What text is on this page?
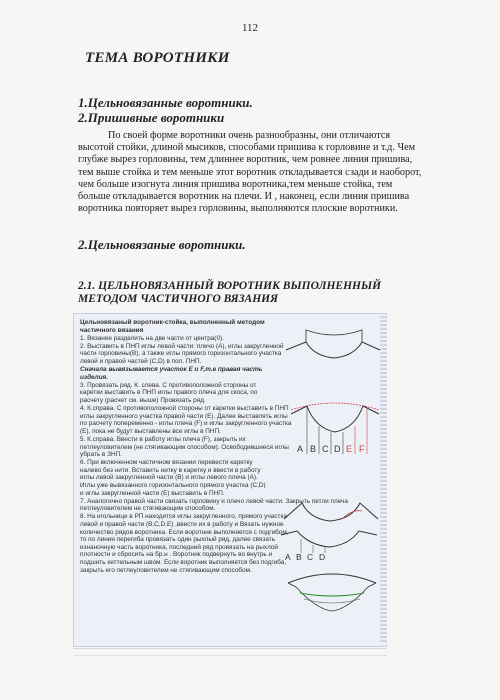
112
ТЕМА ВОРОТНИКИ
1.Цельновязанные воротники.
2.Пришивные воротники

По своей форме воротники очень разнообразны, они отличаются высотой стойки, длиной мысиков, способами пришива к горловине и т.д. Чем глубже вырез горловины, тем длиннее воротник, чем ровнее линия пришива, тем выше стойка и тем меньше этот воротник откладывается сзади и наоборот, чем больше изогнута линия пришива воротника,тем меньше стойка, тем больше откладывается воротник на плечи. И , наконец, если линия пришива воротника повторяет вырез горловины, выполняются плоские воротники.

2.Цельновязаные воротники.
2.1. ЦЕЛЬНОВЯЗАННЫЙ ВОРОТНИК ВЫПОЛНЕННЫЙ МЕТОДОМ ЧАСТИЧНОГО ВЯЗАНИЯ

Цельновязаный воротник-стойка, выполненный методом частичного вязания

1. Вязание разделить на две части от центра(0).

2. Выставить в ПНП иглы левой части: плечо (А), иглы закругленной части горловины(В), а также иглы прямого горизонтального участка левой и правой частей (С,D) в пол. ПНП.

Сначала вывязывается участок Е и F,т.е правая часть изделия.

3. Провязать ряд. К. слева. С противоположной стороны от каретки выставить в ПНП иглы правого плеча для скоса, по расчету (расчет см. выше) Провязать ряд.

4. К.справа. С противоположной стороны от каретки выставить в ПНП иглы закругленного участка правой части (Е). Далее выставлять иглы по расчету попеременно - иглы плеча (F) и иглы закругленного участка (Е), пока не будут выставлены все иглы в ПНП.

5. К.справа. Ввести в работу иглы плеча (F), закрыть их петлеуловителем (не стягивающим способом). Освободившиеся иглы убрать в ЗНП.

6. При включенном частичном вязании перевести каретку налево без нити. Вставить нитку в каретку и ввести в работу иглы левой закругленной части (В) и иглы левого плеча (А). Иглы уже вывязанного горизонтального прямого участка (С,D) и иглы закругленной части (Е) выставить в ПНП.

7. Аналогично правой части связать горловину и плечо левой части. Закрыть петли плеча петлеуловителем не стягивающим способом.

8. На игольнице в РП находятся иглы закругленного, прямого участка левой и правой части (В,С,D,Е) ,ввести их в работу и Вязать нужное количество рядов воротника. Если воротник выполняется с подгибом, то по линии перегиба провязать один рыхлый ряд, далее связать изнаночную часть воротника, последний ряд провязать на рыхлой плотности и сбросить на бр.н . Воротник подвернуть во внутрь и подшить кеттельным швом. Если воротник выполняется без подгиба, закрыть его петлеуловителем не стягивающим способом.

A B C D E F
A B C D
